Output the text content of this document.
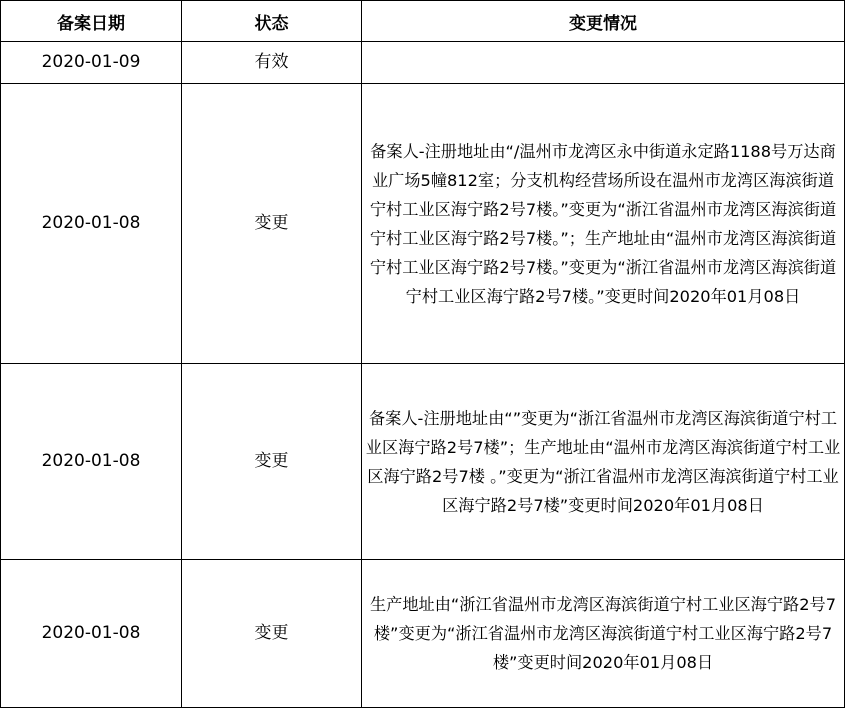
备案日期	状态	变更情况
2020-01-09	有效	
2020-01-08	变更	备案人-注册地址由“/温州市龙湾区永中街道永定路1188号万达商业广场5幢812室；分支机构经营场所设在温州市龙湾区海滨街道宁村工业区海宁路2号7楼。”变更为“浙江省温州市龙湾区海滨街道宁村工业区海宁路2号7楼。”；生产地址由“温州市龙湾区海滨街道宁村工业区海宁路2号7楼。”变更为“浙江省温州市龙湾区海滨街道宁村工业区海宁路2号7楼。”变更时间2020年01月08日
2020-01-08	变更	备案人-注册地址由“”变更为“浙江省温州市龙湾区海滨街道宁村工业区海宁路2号7楼”；生产地址由“温州市龙湾区海滨街道宁村工业区海宁路2号7楼 。”变更为“浙江省温州市龙湾区海滨街道宁村工业区海宁路2号7楼”变更时间2020年01月08日
2020-01-08	变更	生产地址由“浙江省温州市龙湾区海滨街道宁村工业区海宁路2号7楼”变更为“浙江省温州市龙湾区海滨街道宁村工业区海宁路2号7楼”变更时间2020年01月08日
